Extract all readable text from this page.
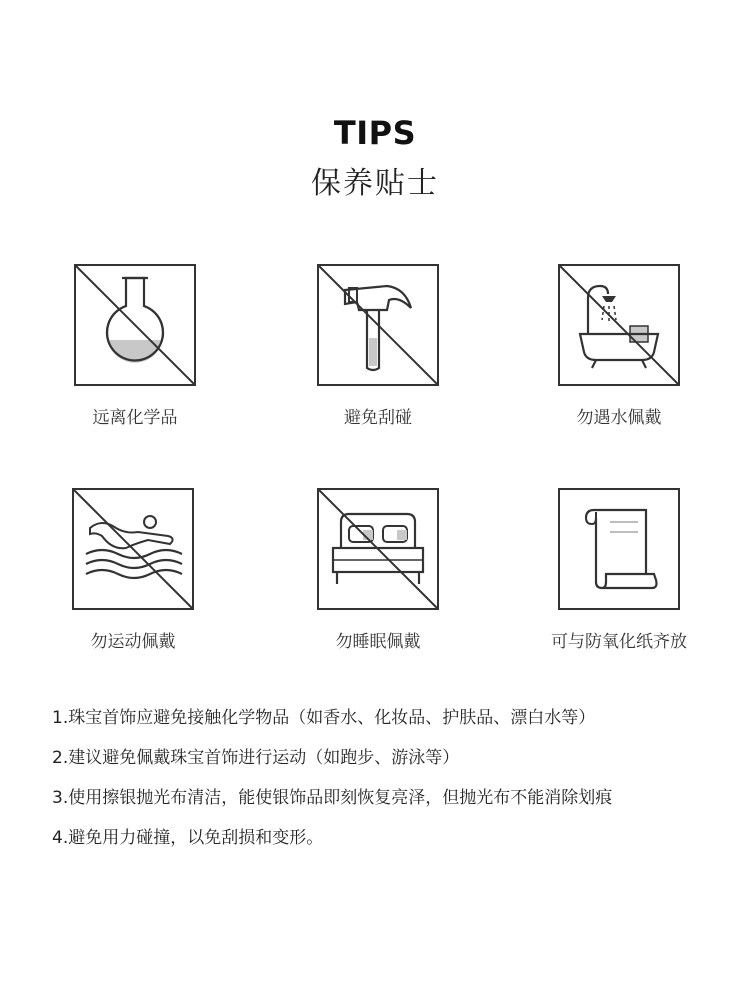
TIPS
保养贴士
远离化学品	避免刮碰	勿遇水佩戴
勿运动佩戴	勿睡眠佩戴	可与防氧化纸齐放
1.珠宝首饰应避免接触化学物品（如香水、化妆品、护肤品、漂白水等）
2.建议避免佩戴珠宝首饰进行运动（如跑步、游泳等）
3.使用擦银抛光布清洁，能使银饰品即刻恢复亮泽，但抛光布不能消除划痕
4.避免用力碰撞，以免刮损和变形。
